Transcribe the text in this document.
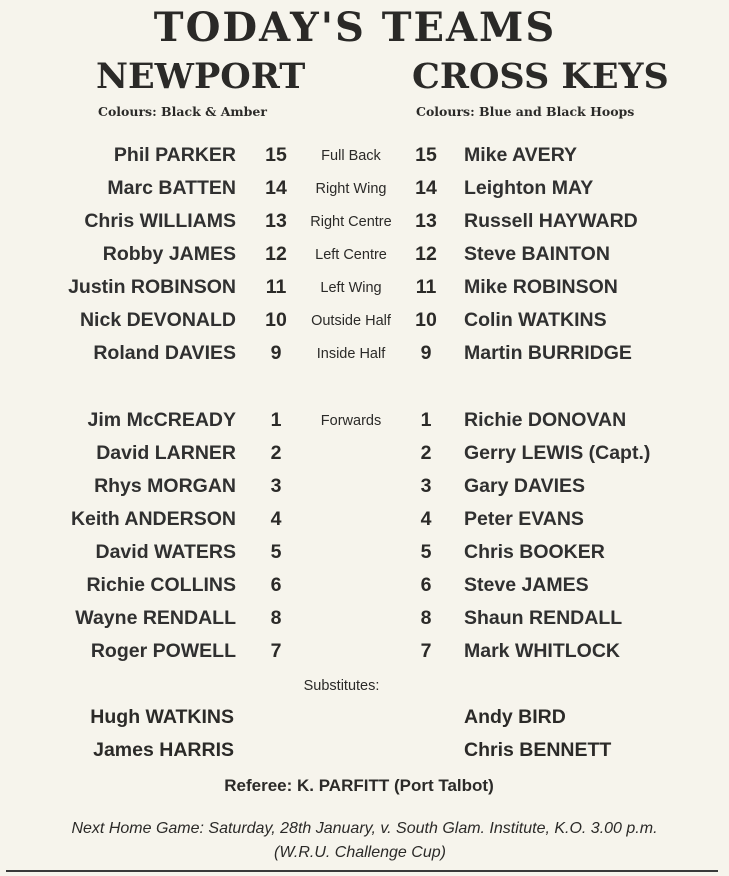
TODAY'S TEAMS
NEWPORT	CROSS KEYS
Colours: Black & Amber	Colours: Blue and Black Hoops
Phil PARKER 15	Full Back	15 Mike AVERY
Marc BATTEN 14	Right Wing	14 Leighton MAY
Chris WILLIAMS 13	Right Centre	13 Russell HAYWARD
Robby JAMES 12	Left Centre	12 Steve BAINTON
Justin ROBINSON 11	Left Wing	11 Mike ROBINSON
Nick DEVONALD 10	Outside Half	10 Colin WATKINS
Roland DAVIES	9	Inside Half	9	Martin BURRIDGE
Jim McCREADY	1	Forwards	1	Richie DONOVAN
David LARNER	2	2	Gerry LEWIS (Capt.)
Rhys MORGAN	3	3	Gary DAVIES
Keith ANDERSON	4	4	Peter EVANS
David WATERS	5	5	Chris BOOKER
Richie COLLINS	6	6	Steve JAMES
Wayne RENDALL	8	8	Shaun RENDALL
Roger POWELL	7	7	Mark WHITLOCK
Substitutes:
Hugh WATKINS	Andy BIRD
James HARRIS	Chris BENNETT
Referee: K. PARFITT (Port Talbot)
Next Home Game: Saturday, 28th January, v. South Glam. Institute, K.O. 3.00 p.m.
(W.R.U. Challenge Cup)
